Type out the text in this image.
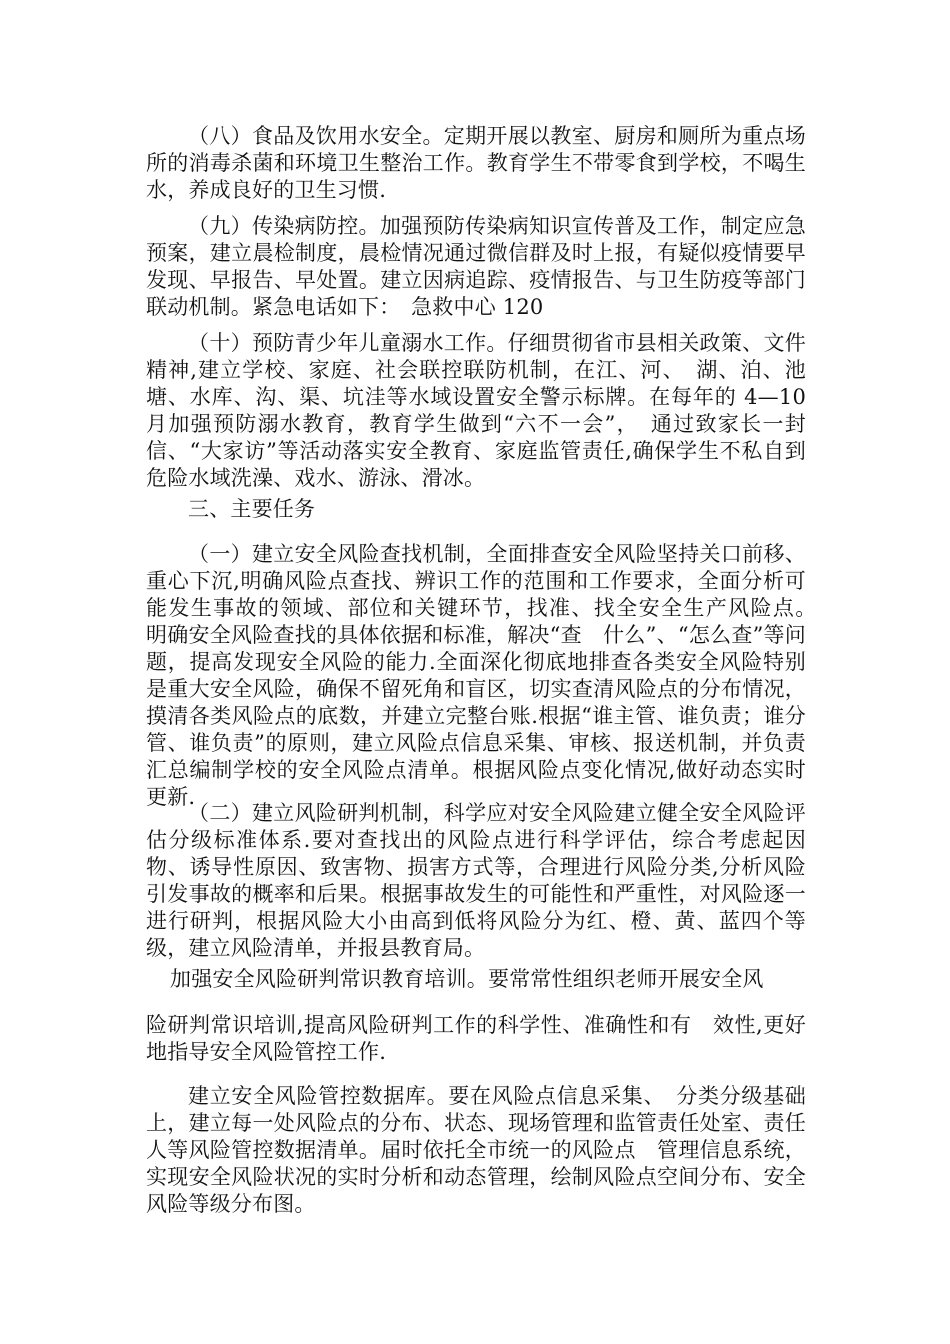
（八）食品及饮用水安全。定期开展以教室、厨房和厕所为重点场所的消毒杀菌和环境卫生整治工作。教育学生不带零食到学校，不喝生水，养成良好的卫生习惯.

（九）传染病防控。加强预防传染病知识宣传普及工作，制定应急预案，建立晨检制度，晨检情况通过微信群及时上报，有疑似疫情要早发现、早报告、早处置。建立因病追踪、疫情报告、与卫生防疫等部门联动机制。紧急电话如下：　急救中心 120

（十）预防青少年儿童溺水工作。仔细贯彻省市县相关政策、文件精神,建立学校、家庭、社会联控联防机制，在江、河、　湖、泊、池塘、水库、沟、渠、坑洼等水域设置安全警示标牌。在每年的 4—10 月加强预防溺水教育，教育学生做到“六不一会”，　通过致家长一封信、“大家访”等活动落实安全教育、家庭监管责任,确保学生不私自到危险水域洗澡、戏水、游泳、滑冰。

三、主要任务

（一）建立安全风险查找机制，全面排查安全风险坚持关口前移、重心下沉,明确风险点查找、辨识工作的范围和工作要求，全面分析可能发生事故的领域、部位和关键环节，找准、找全安全生产风险点。　明确安全风险查找的具体依据和标准，解决“查　什么”、“怎么查”等问题，提高发现安全风险的能力.全面深化彻底地排查各类安全风险特别是重大安全风险，确保不留死角和盲区，切实查清风险点的分布情况，摸清各类风险点的底数，并建立完整台账.根据“谁主管、谁负责；谁分管、谁负责”的原则，建立风险点信息采集、审核、报送机制，并负责汇总编制学校的安全风险点清单。根据风险点变化情况,做好动态实时更新.

（二）建立风险研判机制，科学应对安全风险建立健全安全风险评估分级标准体系.要对查找出的风险点进行科学评估，综合考虑起因物、诱导性原因、致害物、损害方式等，合理进行风险分类,分析风险引发事故的概率和后果。根据事故发生的可能性和严重性，对风险逐一进行研判，根据风险大小由高到低将风险分为红、橙、黄、蓝四个等级，建立风险清单，并报县教育局。

加强安全风险研判常识教育培训。要常常性组织老师开展安全风

险研判常识培训,提高风险研判工作的科学性、准确性和有　效性,更好地指导安全风险管控工作.

建立安全风险管控数据库。要在风险点信息采集、　分类分级基础上，建立每一处风险点的分布、状态、现场管理和监管责任处室、责任人等风险管控数据清单。届时依托全市统一的风险点　管理信息系统，实现安全风险状况的实时分析和动态管理，绘制风险点空间分布、安全风险等级分布图。
